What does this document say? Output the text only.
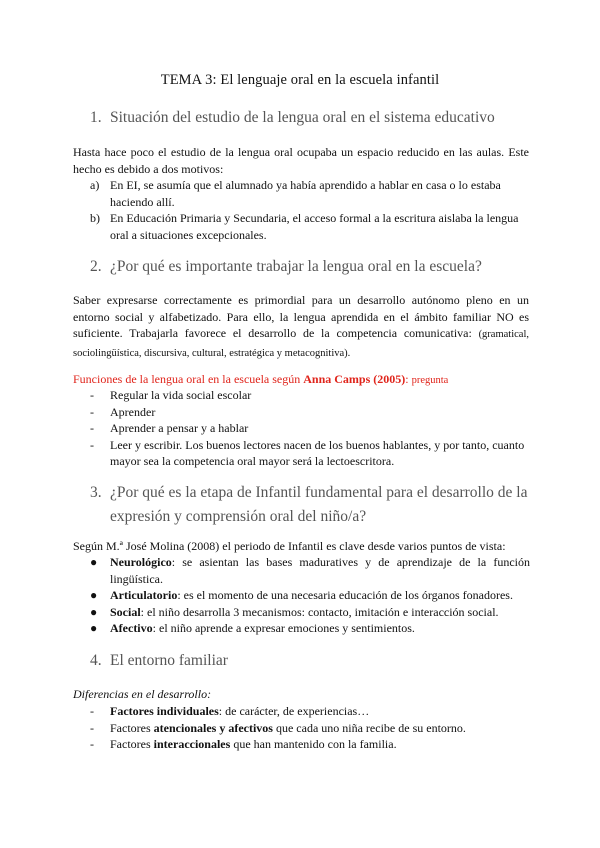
TEMA 3: El lenguaje oral en la escuela infantil
1. Situación del estudio de la lengua oral en el sistema educativo
Hasta hace poco el estudio de la lengua oral ocupaba un espacio reducido en las aulas. Este hecho es debido a dos motivos:
a) En EI, se asumía que el alumnado ya había aprendido a hablar en casa o lo estaba haciendo allí.
b) En Educación Primaria y Secundaria, el acceso formal a la escritura aislaba la lengua oral a situaciones excepcionales.
2. ¿Por qué es importante trabajar la lengua oral en la escuela?
Saber expresarse correctamente es primordial para un desarrollo autónomo pleno en un entorno social y alfabetizado. Para ello, la lengua aprendida en el ámbito familiar NO es suficiente. Trabajarla favorece el desarrollo de la competencia comunicativa: (gramatical, sociolingüística, discursiva, cultural, estratégica y metacognitiva).
Funciones de la lengua oral en la escuela según Anna Camps (2005): pregunta
- Regular la vida social escolar
- Aprender
- Aprender a pensar y a hablar
- Leer y escribir. Los buenos lectores nacen de los buenos hablantes, y por tanto, cuanto mayor sea la competencia oral mayor será la lectoescritora.
3. ¿Por qué es la etapa de Infantil fundamental para el desarrollo de la
expresión y comprensión oral del niño/a?
Según M.ª José Molina (2008) el periodo de Infantil es clave desde varios puntos de vista:
● Neurológico: se asientan las bases maduratives y de aprendizaje de la función lingüística.
● Articulatorio: es el momento de una necesaria educación de los órganos fonadores.
● Social: el niño desarrolla 3 mecanismos: contacto, imitación e interacción social.
● Afectivo: el niño aprende a expresar emociones y sentimientos.
4. El entorno familiar
Diferencias en el desarrollo:
- Factores individuales: de carácter, de experiencias…
- Factores atencionales y afectivos que cada uno niña recibe de su entorno.
- Factores interaccionales que han mantenido con la familia.
